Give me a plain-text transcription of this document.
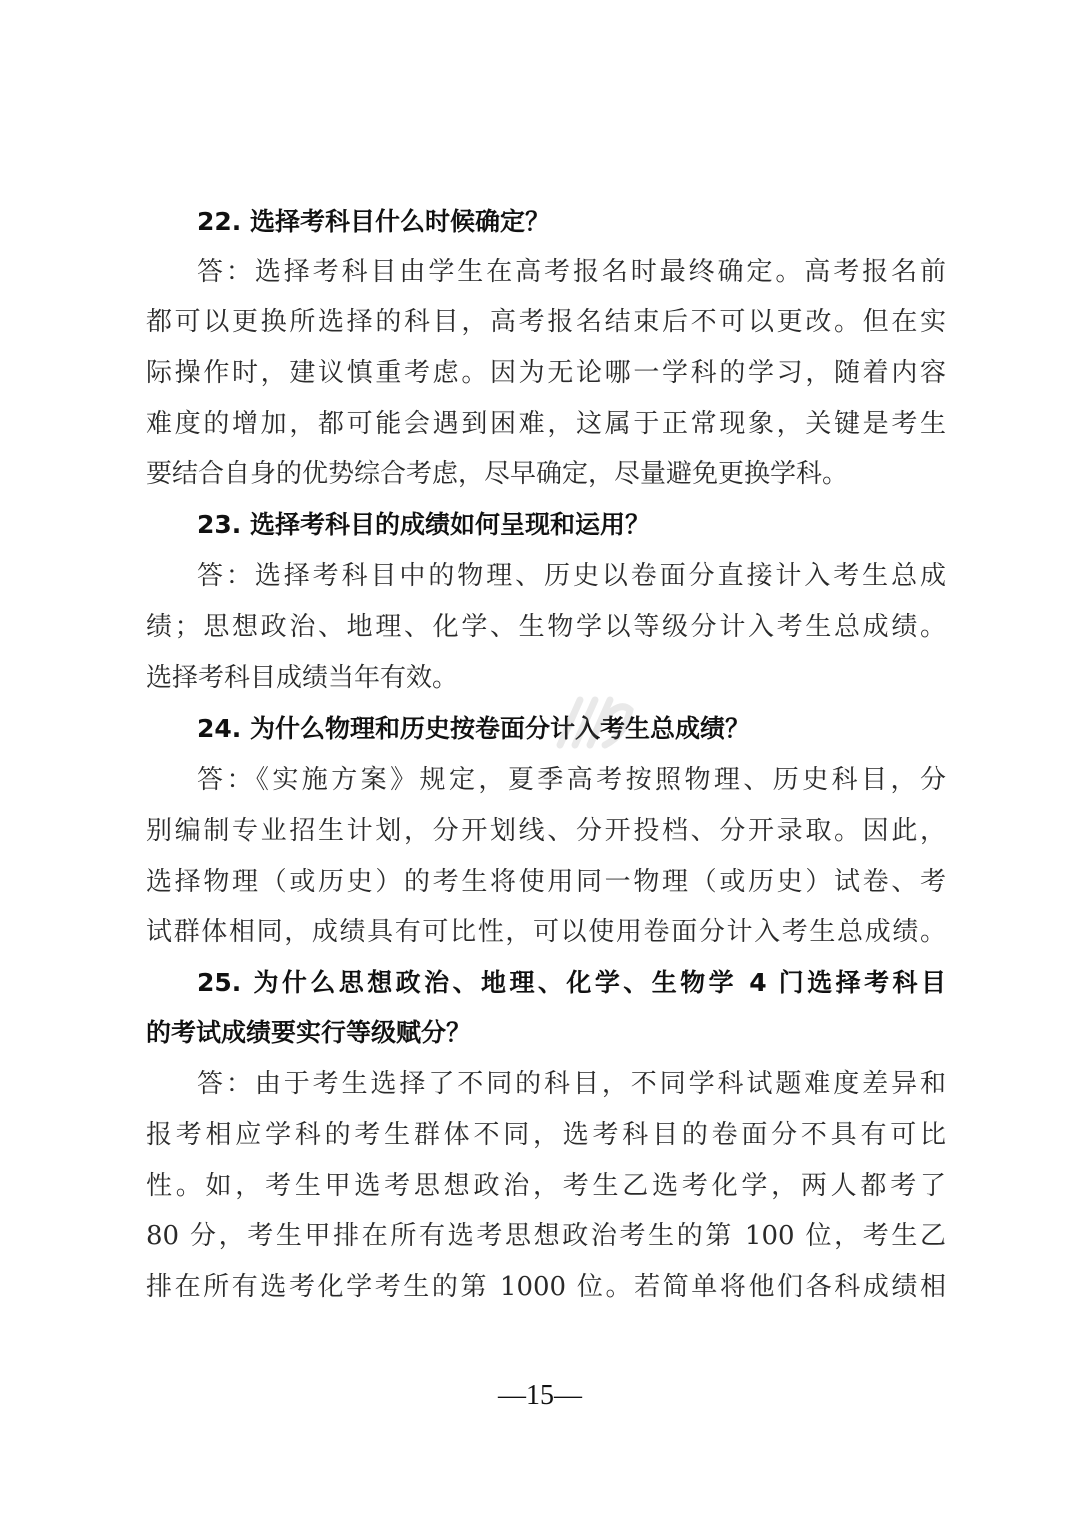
22. 选择考科目什么时候确定？
答：选择考科目由学生在高考报名时最终确定。高考报名前
都可以更换所选择的科目，高考报名结束后不可以更改。但在实
际操作时，建议慎重考虑。因为无论哪一学科的学习，随着内容
难度的增加，都可能会遇到困难，这属于正常现象，关键是考生
要结合自身的优势综合考虑，尽早确定，尽量避免更换学科。
23. 选择考科目的成绩如何呈现和运用？
答：选择考科目中的物理、历史以卷面分直接计入考生总成
绩；思想政治、地理、化学、生物学以等级分计入考生总成绩。
选择考科目成绩当年有效。
24. 为什么物理和历史按卷面分计入考生总成绩？
答：《实施方案》规定，夏季高考按照物理、历史科目，分
别编制专业招生计划，分开划线、分开投档、分开录取。因此，
选择物理（或历史）的考生将使用同一物理（或历史）试卷、考
试群体相同，成绩具有可比性，可以使用卷面分计入考生总成绩。
25. 为什么思想政治、地理、化学、生物学 4 门选择考科目
的考试成绩要实行等级赋分？
答：由于考生选择了不同的科目，不同学科试题难度差异和
报考相应学科的考生群体不同，选考科目的卷面分不具有可比
性。如，考生甲选考思想政治，考生乙选考化学，两人都考了
80 分，考生甲排在所有选考思想政治考生的第 100 位，考生乙
排在所有选考化学考生的第 1000 位。若简单将他们各科成绩相
—15—
